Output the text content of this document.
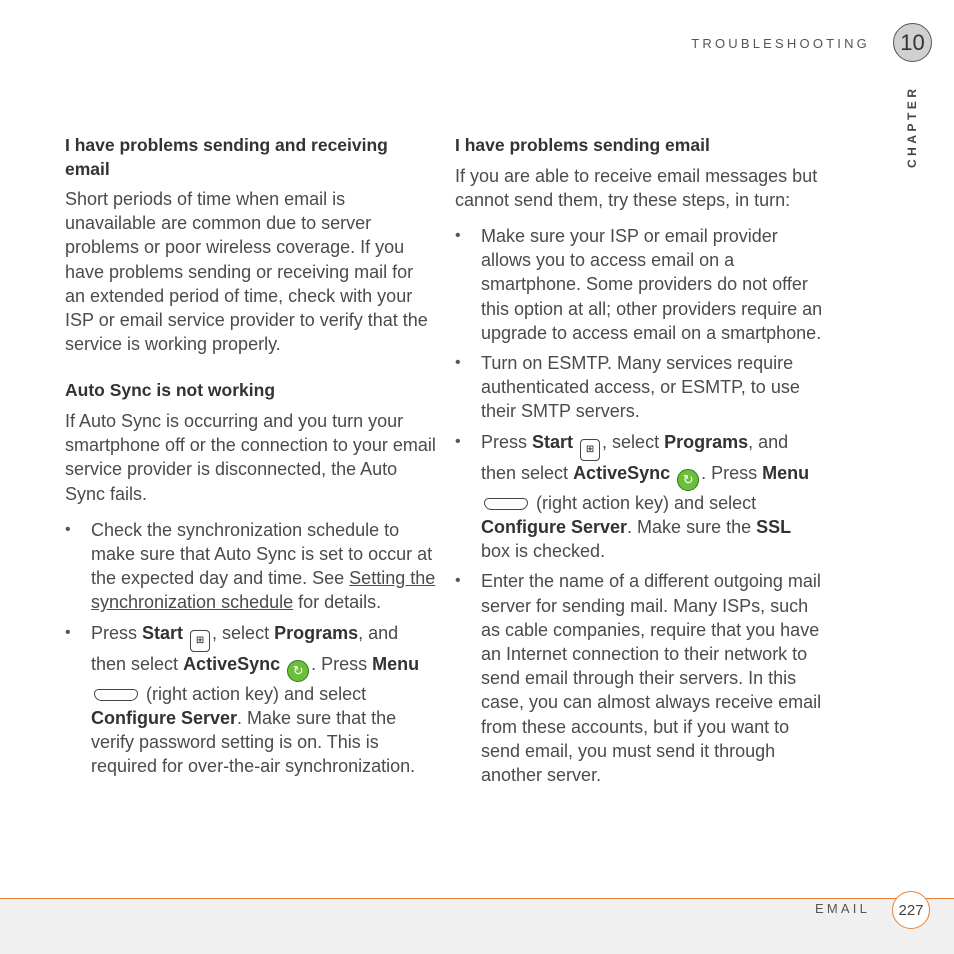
TROUBLESHOOTING	10
CHAPTER
I have problems sending and receiving email

Short periods of time when email is unavailable are common due to server problems or poor wireless coverage. If you have problems sending or receiving mail for an extended period of time, check with your ISP or email service provider to verify that the service is working properly.

Auto Sync is not working

If Auto Sync is occurring and you turn your smartphone off or the connection to your email service provider is disconnected, the Auto Sync fails.

• Check the synchronization schedule to make sure that Auto Sync is set to occur at the expected day and time. See Setting the synchronization schedule for details.
• Press Start ⊞ , select Programs, and then select ActiveSync ↻ . Press Menu  (right action key) and select Configure Server. Make sure that the verify password setting is on. This is required for over-the-air synchronization.
I have problems sending email

If you are able to receive email messages but cannot send them, try these steps, in turn:

• Make sure your ISP or email provider allows you to access email on a smartphone. Some providers do not offer this option at all; other providers require an upgrade to access email on a smartphone.
• Turn on ESMTP. Many services require authenticated access, or ESMTP, to use their SMTP servers.
• Press Start ⊞ , select Programs, and then select ActiveSync ↻ . Press Menu  (right action key) and select Configure Server. Make sure the SSL box is checked.
• Enter the name of a different outgoing mail server for sending mail. Many ISPs, such as cable companies, require that you have an Internet connection to their network to send email through their servers. In this case, you can almost always receive email from these accounts, but if you want to send email, you must send it through another server.
EMAIL	227
